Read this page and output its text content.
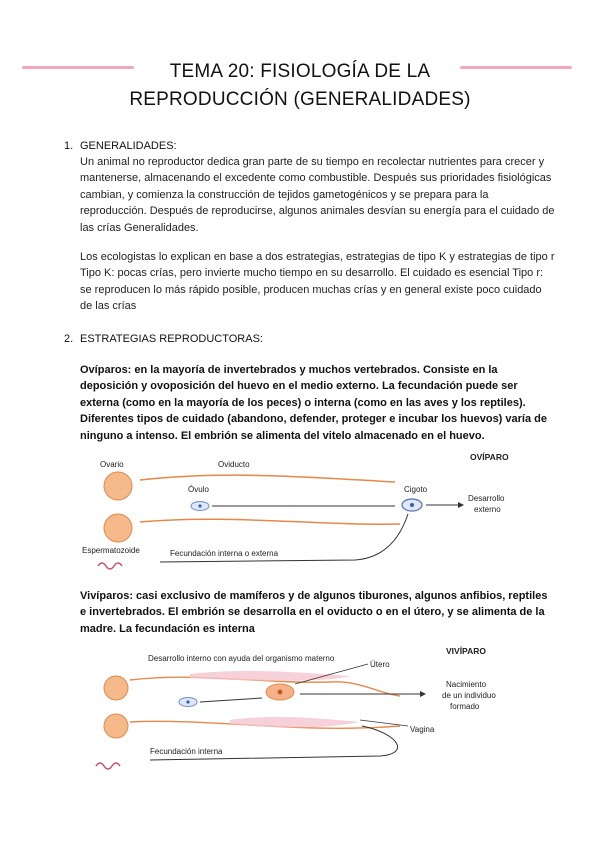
TEMA 20: FISIOLOGÍA DE LA
REPRODUCCIÓN (GENERALIDADES)
1. GENERALIDADES:

Un animal no reproductor dedica gran parte de su tiempo en recolectar nutrientes para crecer y mantenerse, almacenando el excedente como combustible. Después sus prioridades fisiológicas cambian, y comienza la construcción de tejidos gametogénicos y se prepara para la reproducción. Después de reproducirse, algunos animales desvían su energía para el cuidado de las crías Generalidades.

Los ecologistas lo explican en base a dos estrategias, estrategias de tipo K y estrategias de tipo r Tipo K: pocas crías, pero invierte mucho tiempo en su desarrollo. El cuidado es esencial Tipo r: se reproducen lo más rápido posible, producen muchas crías y en general existe poco cuidado de las crías

2. ESTRATEGIAS REPRODUCTORAS:

Ovíparos: en la mayoría de invertebrados y muchos vertebrados. Consiste en la deposición y ovoposición del huevo en el medio externo. La fecundación puede ser externa (como en la mayoría de los peces) o interna (como en las aves y los reptiles). Diferentes tipos de cuidado (abandono, defender, proteger e incubar los huevos) varía de ninguno a intenso. El embrión se alimenta del vitelo almacenado en el huevo.

OVÍPARO
Ovario	Oviducto
Óvulo	Cigoto
Desarrollo
externo
Espermatozoide	Fecundación interna o externa

Vivíparos: casi exclusivo de mamíferos y de algunos tiburones, algunos anfibios, reptiles e invertebrados. El embrión se desarrolla en el oviducto o en el útero, y se alimenta de la madre. La fecundación es interna

VIVÍPARO
Desarrollo interno con ayuda del organismo materno
Útero
Nacimiento
de un individuo
formado
Vagina
Fecundación interna
